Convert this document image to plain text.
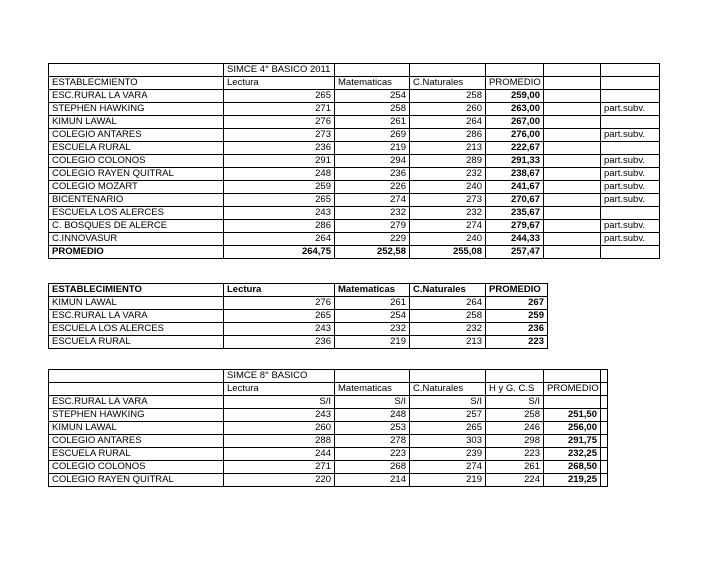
	SIMCE 4° BASICO 2011					
ESTABLECMIENTO	Lectura	Matematicas	C.Naturales	PROMEDIO		
ESC.RURAL LA VARA	265	254	258	259,00		
STEPHEN HAWKING	271	258	260	263,00		part.subv.
KIMUN LAWAL	276	261	264	267,00		
COLEGIO ANTARES	273	269	286	276,00		part.subv.
ESCUELA RURAL	236	219	213	222,67		
COLEGIO COLONOS	291	294	289	291,33		part.subv.
COLEGIO RAYEN QUITRAL	248	236	232	238,67		part.subv.
COLEGIO MOZART	259	226	240	241,67		part.subv.
BICENTENARIO	265	274	273	270,67		part.subv.
ESCUELA LOS ALERCES	243	232	232	235,67		
C. BOSQUES DE ALERCE	286	279	274	279,67		part.subv.
C.INNOVASUR	264	229	240	244,33		part.subv.
PROMEDIO	264,75	252,58	255,08	257,47		
ESTABLECIMIENTO	Lectura	Matematicas	C.Naturales	PROMEDIO
KIMUN LAWAL	276	261	264	267
ESC.RURAL LA VARA	265	254	258	259
ESCUELA LOS ALERCES	243	232	232	236
ESCUELA RURAL	236	219	213	223
	SIMCE 8° BASICO					
	Lectura	Matematicas	C.Naturales	H y G. C.S	PROMEDIO	
ESC.RURAL LA VARA	S/I	S/I	S/I	S/I		
STEPHEN HAWKING	243	248	257	258	251,50	
KIMUN LAWAL	260	253	265	246	256,00	
COLEGIO ANTARES	288	278	303	298	291,75	
ESCUELA RURAL	244	223	239	223	232,25	
COLEGIO COLONOS	271	268	274	261	268,50	
COLEGIO RAYEN QUITRAL	220	214	219	224	219,25	
